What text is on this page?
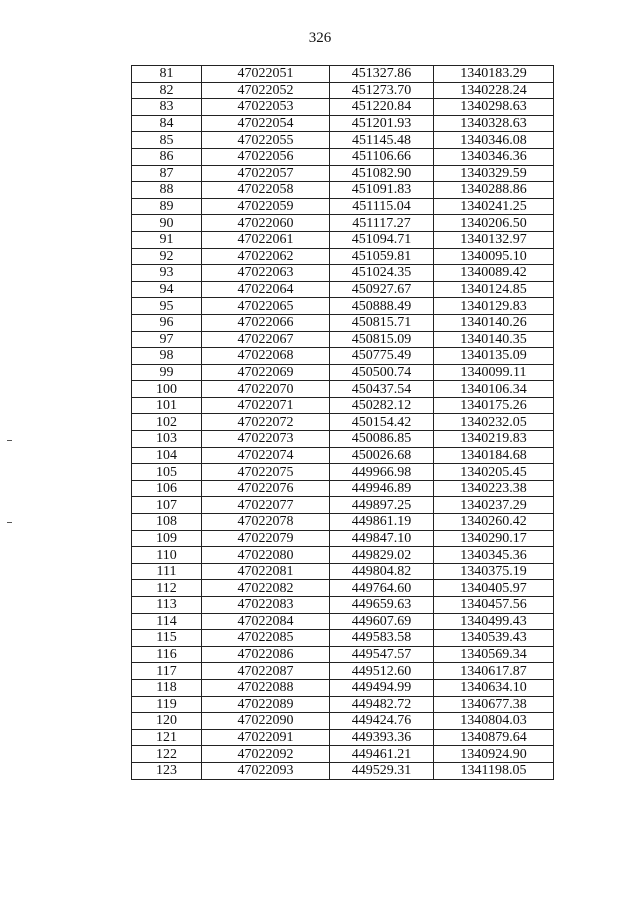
326
81	47022051	451327.86	1340183.29
82	47022052	451273.70	1340228.24
83	47022053	451220.84	1340298.63
84	47022054	451201.93	1340328.63
85	47022055	451145.48	1340346.08
86	47022056	451106.66	1340346.36
87	47022057	451082.90	1340329.59
88	47022058	451091.83	1340288.86
89	47022059	451115.04	1340241.25
90	47022060	451117.27	1340206.50
91	47022061	451094.71	1340132.97
92	47022062	451059.81	1340095.10
93	47022063	451024.35	1340089.42
94	47022064	450927.67	1340124.85
95	47022065	450888.49	1340129.83
96	47022066	450815.71	1340140.26
97	47022067	450815.09	1340140.35
98	47022068	450775.49	1340135.09
99	47022069	450500.74	1340099.11
100	47022070	450437.54	1340106.34
101	47022071	450282.12	1340175.26
102	47022072	450154.42	1340232.05
103	47022073	450086.85	1340219.83
104	47022074	450026.68	1340184.68
105	47022075	449966.98	1340205.45
106	47022076	449946.89	1340223.38
107	47022077	449897.25	1340237.29
108	47022078	449861.19	1340260.42
109	47022079	449847.10	1340290.17
110	47022080	449829.02	1340345.36
111	47022081	449804.82	1340375.19
112	47022082	449764.60	1340405.97
113	47022083	449659.63	1340457.56
114	47022084	449607.69	1340499.43
115	47022085	449583.58	1340539.43
116	47022086	449547.57	1340569.34
117	47022087	449512.60	1340617.87
118	47022088	449494.99	1340634.10
119	47022089	449482.72	1340677.38
120	47022090	449424.76	1340804.03
121	47022091	449393.36	1340879.64
122	47022092	449461.21	1340924.90
123	47022093	449529.31	1341198.05
